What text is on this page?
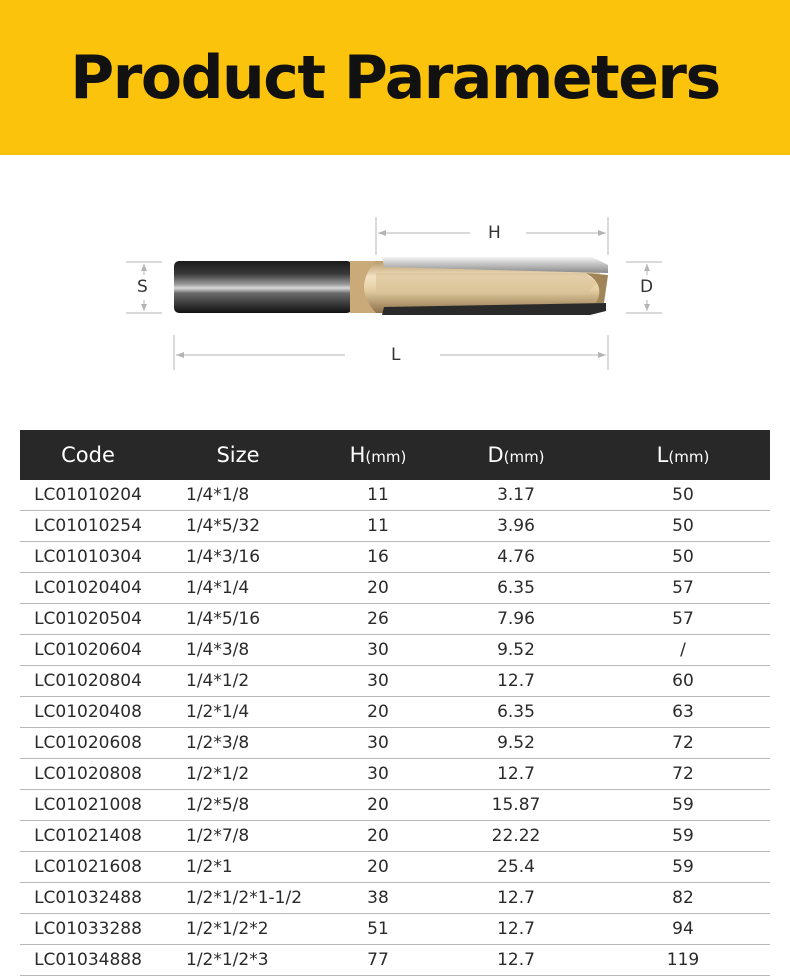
Product Parameters
H
S	D
L
Code	Size	H(mm)	D(mm)	L(mm)
LC01010204	1/4*1/8	11	3.17	50
LC01010254	1/4*5/32	11	3.96	50
LC01010304	1/4*3/16	16	4.76	50
LC01020404	1/4*1/4	20	6.35	57
LC01020504	1/4*5/16	26	7.96	57
LC01020604	1/4*3/8	30	9.52	/
LC01020804	1/4*1/2	30	12.7	60
LC01020408	1/2*1/4	20	6.35	63
LC01020608	1/2*3/8	30	9.52	72
LC01020808	1/2*1/2	30	12.7	72
LC01021008	1/2*5/8	20	15.87	59
LC01021408	1/2*7/8	20	22.22	59
LC01021608	1/2*1	20	25.4	59
LC01032488	1/2*1/2*1-1/2	38	12.7	82
LC01033288	1/2*1/2*2	51	12.7	94
LC01034888	1/2*1/2*3	77	12.7	119
